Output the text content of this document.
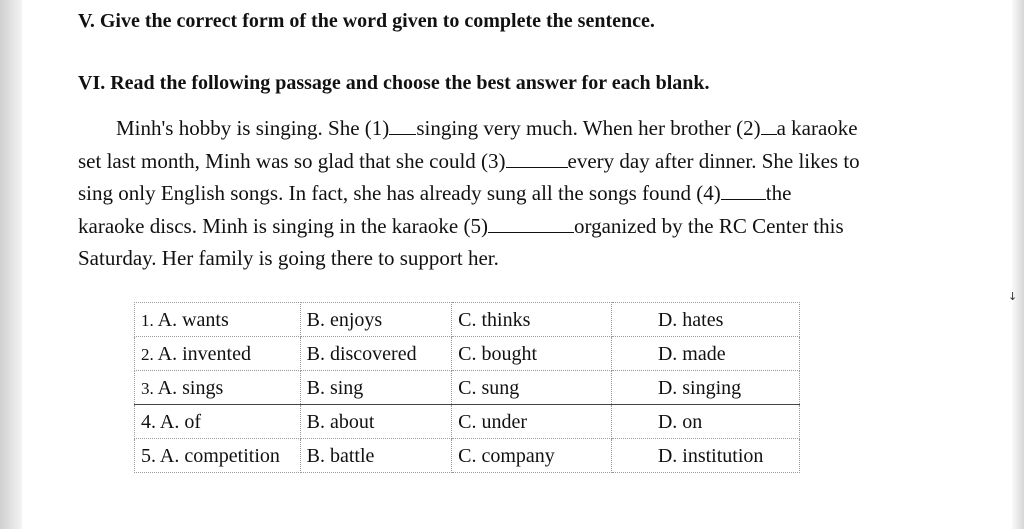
V. Give the correct form of the word given to complete the sentence.
VI. Read the following passage and choose the best answer for each blank.
Minh's hobby is singing. She (1) singing very much. When her brother (2) a karaoke
set last month, Minh was so glad that she could (3)	every day after dinner. She likes to
sing only English songs. In fact, she has already sung all the songs found (4) the
karaoke discs. Minh is singing in the karaoke (5)	organized by the RC Center this
Saturday. Her family is going there to support her.
1. A. wants	B. enjoys	C. thinks	D. hates
2. A. invented	B. discovered	C. bought	D. made
3. A. sings	B. sing	C. sung	D. singing
4. A. of	B. about	C. under	D. on
5. A. competition	B. battle	C. company	D. institution
↓
